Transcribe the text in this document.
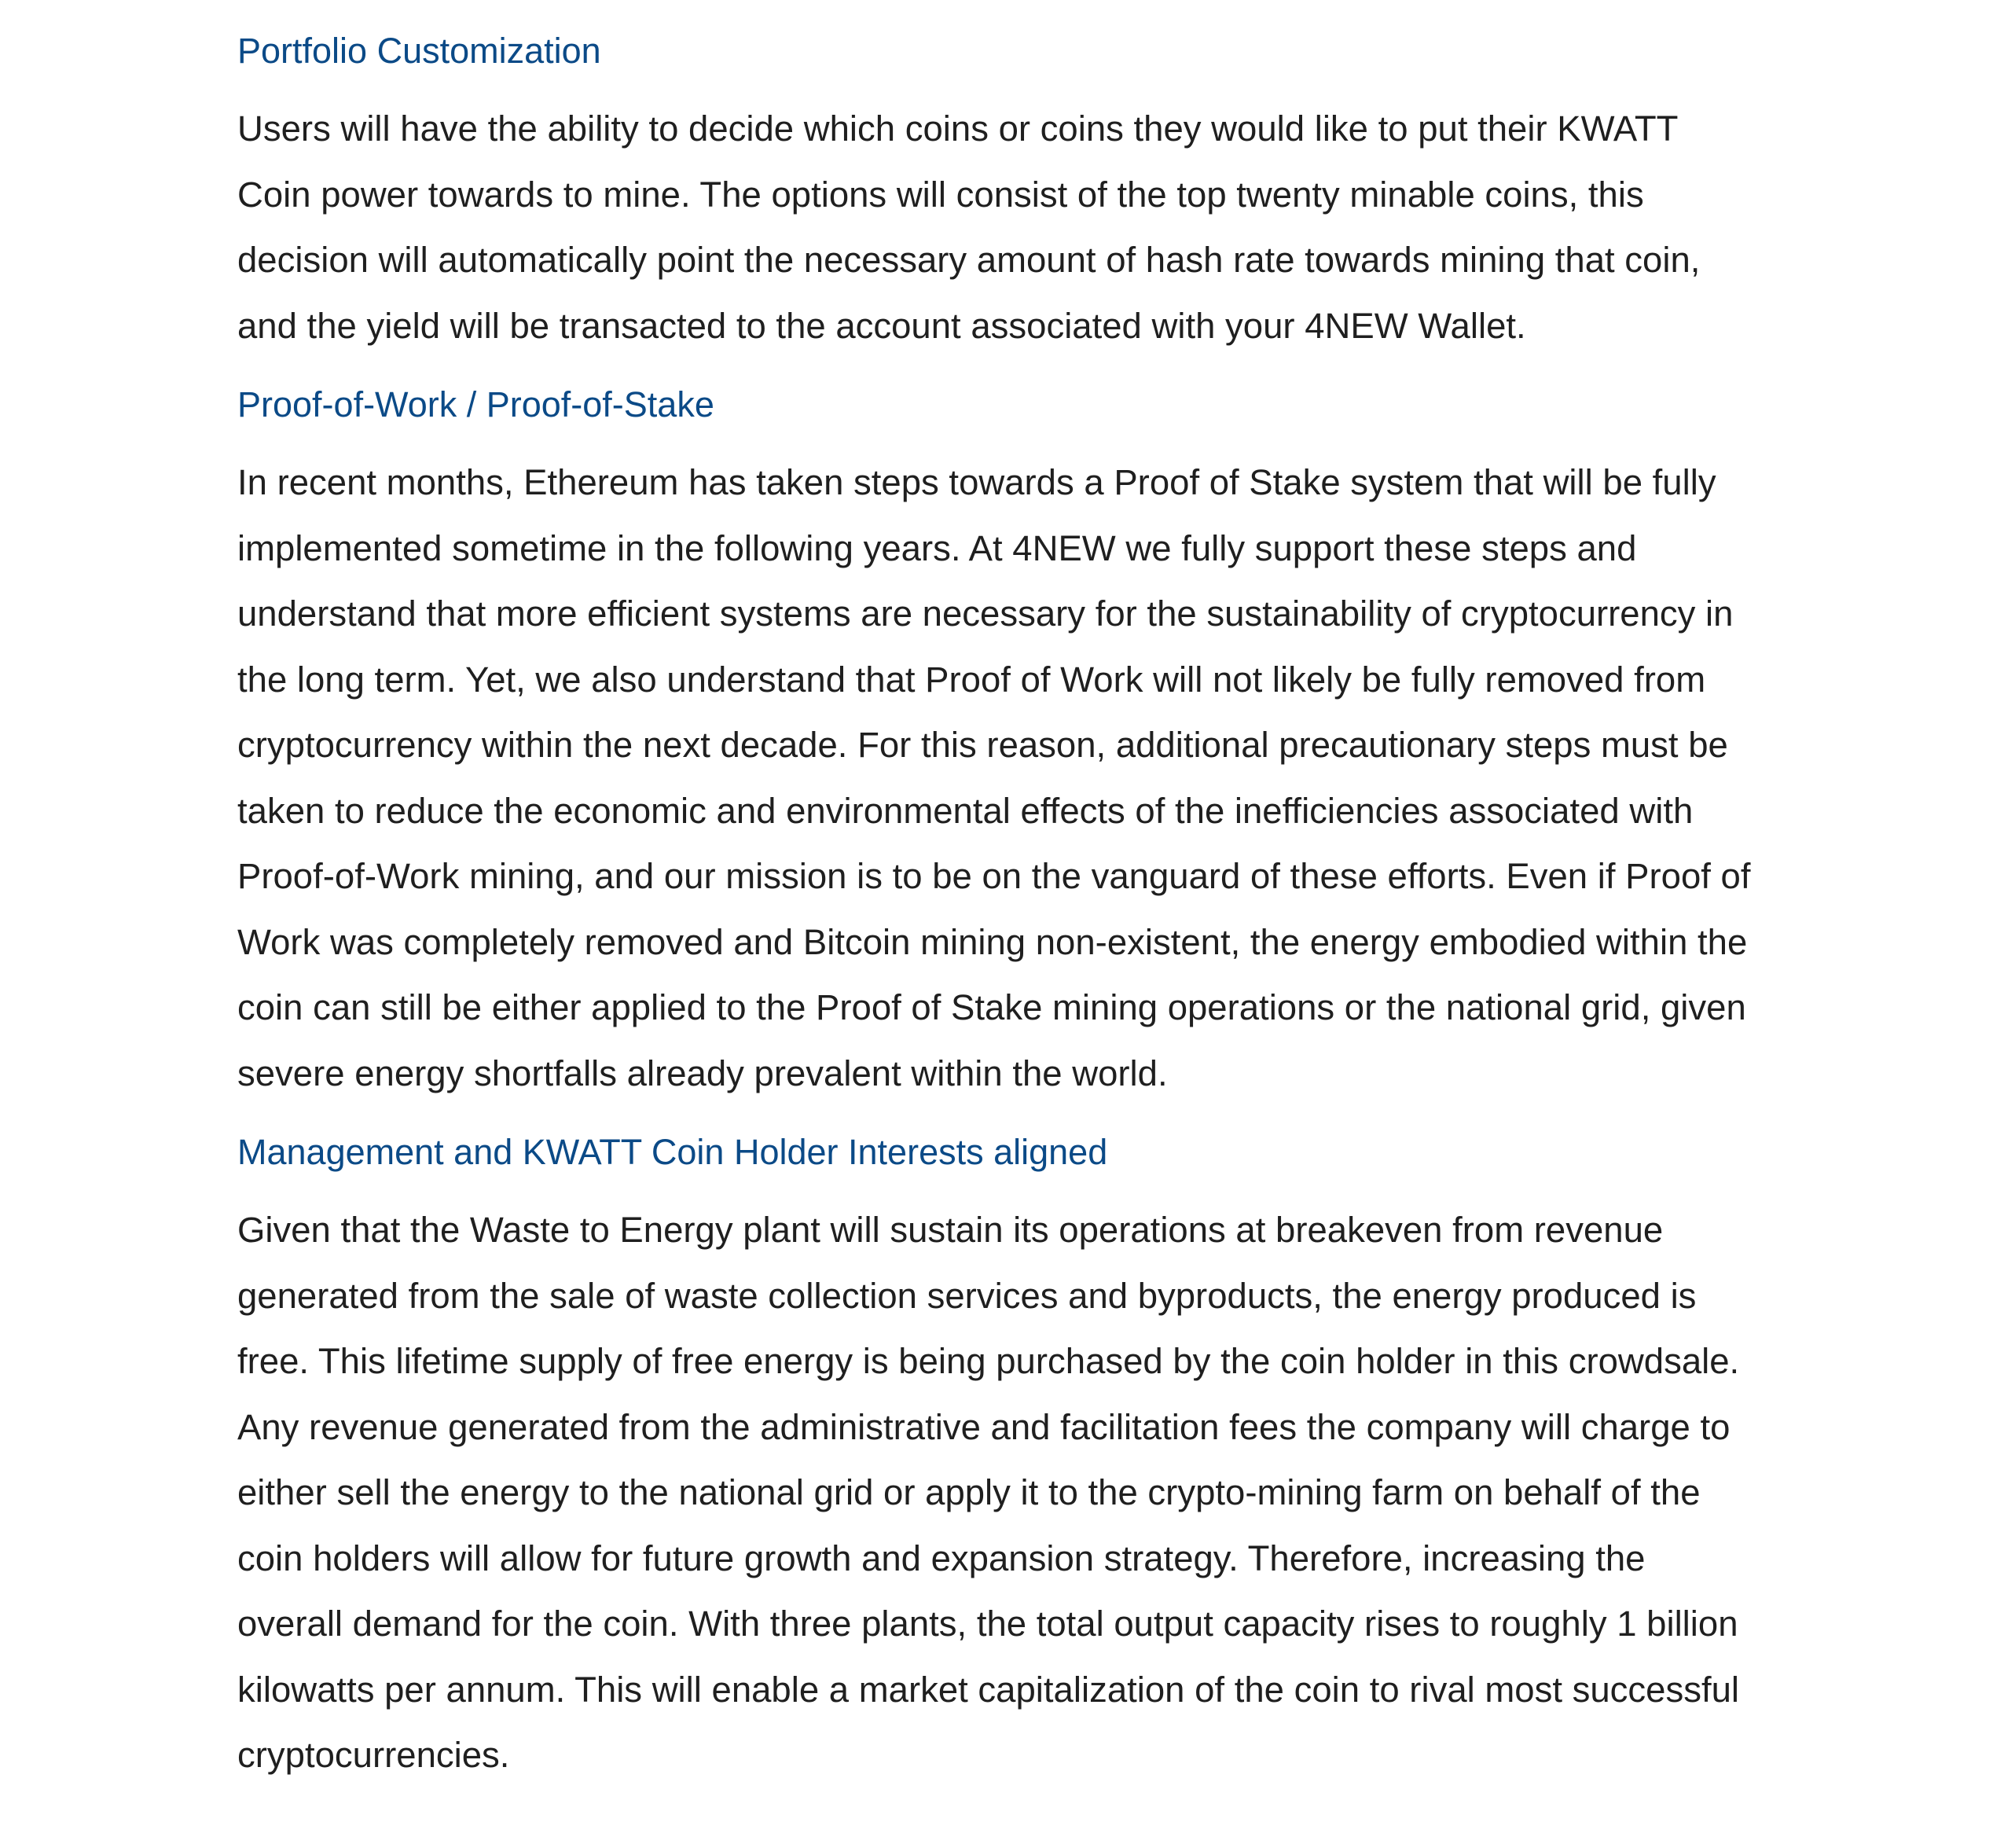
Portfolio Customization

Users will have the ability to decide which coins or coins they would like to put their KWATT
Coin power towards to mine. The options will consist of the top twenty minable coins, this
decision will automatically point the necessary amount of hash rate towards mining that coin,
and the yield will be transacted to the account associated with your 4NEW Wallet.

Proof-of-Work / Proof-of-Stake

In recent months, Ethereum has taken steps towards a Proof of Stake system that will be fully
implemented sometime in the following years. At 4NEW we fully support these steps and
understand that more efficient systems are necessary for the sustainability of cryptocurrency in
the long term. Yet, we also understand that Proof of Work will not likely be fully removed from
cryptocurrency within the next decade. For this reason, additional precautionary steps must be
taken to reduce the economic and environmental effects of the inefficiencies associated with
Proof-of-Work mining, and our mission is to be on the vanguard of these efforts. Even if Proof of
Work was completely removed and Bitcoin mining non-existent, the energy embodied within the
coin can still be either applied to the Proof of Stake mining operations or the national grid, given
severe energy shortfalls already prevalent within the world.

Management and KWATT Coin Holder Interests aligned

Given that the Waste to Energy plant will sustain its operations at breakeven from revenue
generated from the sale of waste collection services and byproducts, the energy produced is
free. This lifetime supply of free energy is being purchased by the coin holder in this crowdsale.
Any revenue generated from the administrative and facilitation fees the company will charge to
either sell the energy to the national grid or apply it to the crypto-mining farm on behalf of the
coin holders will allow for future growth and expansion strategy. Therefore, increasing the
overall demand for the coin. With three plants, the total output capacity rises to roughly 1 billion
kilowatts per annum. This will enable a market capitalization of the coin to rival most successful
cryptocurrencies.
